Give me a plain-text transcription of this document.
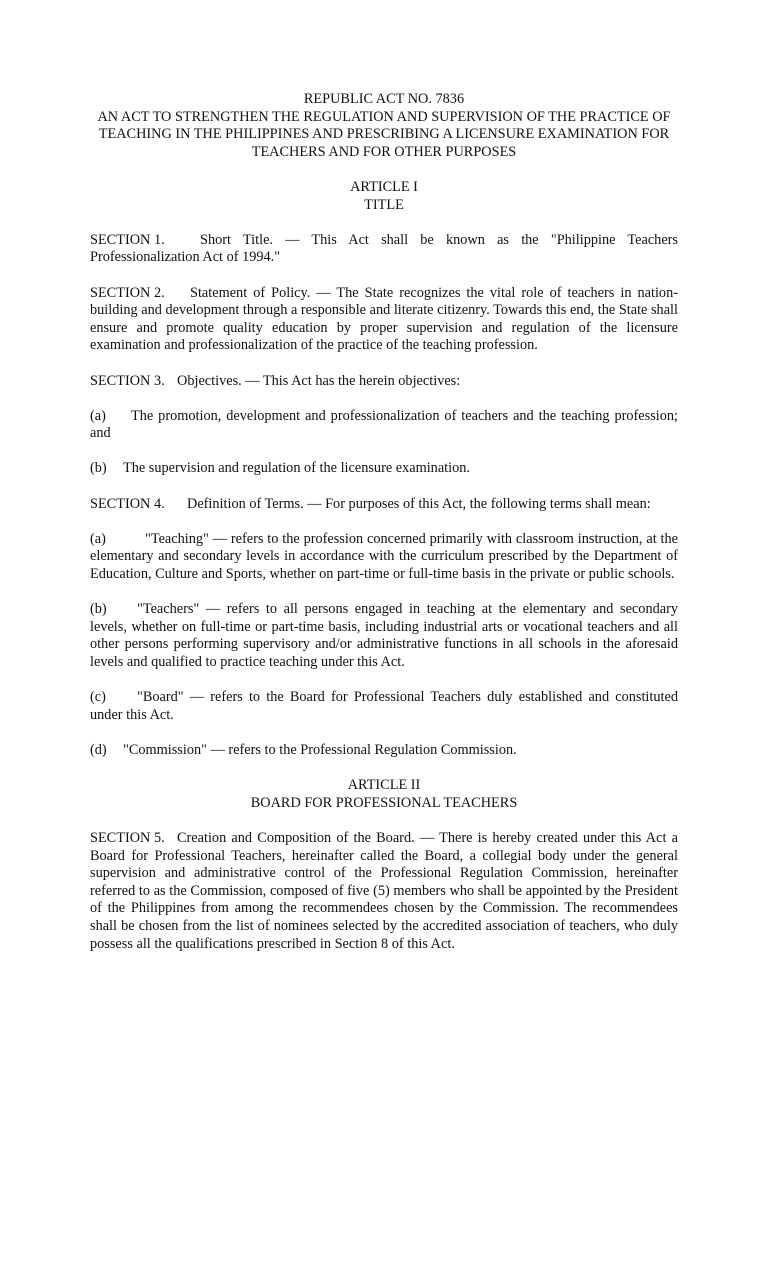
REPUBLIC ACT NO. 7836
AN ACT TO STRENGTHEN THE REGULATION AND SUPERVISION OF THE PRACTICE OF
TEACHING IN THE PHILIPPINES AND PRESCRIBING A LICENSURE EXAMINATION FOR
TEACHERS AND FOR OTHER PURPOSES
ARTICLE I
TITLE

SECTION 1. Short Title. — This Act shall be known as the "Philippine Teachers Professionalization Act of 1994."

SECTION 2. Statement of Policy. — The State recognizes the vital role of teachers in nation-building and development through a responsible and literate citizenry. Towards this end, the State shall ensure and promote quality education by proper supervision and regulation of the licensure examination and professionalization of the practice of the teaching profession.

SECTION 3. Objectives. — This Act has the herein objectives:

(a) The promotion, development and professionalization of teachers and the teaching profession; and

(b) The supervision and regulation of the licensure examination.

SECTION 4. Definition of Terms. — For purposes of this Act, the following terms shall mean:

(a)	"Teaching" — refers to the profession concerned primarily with classroom instruction, at the elementary and secondary levels in accordance with the curriculum prescribed by the Department of Education, Culture and Sports, whether on part-time or full-time basis in the private or public schools.

(b) "Teachers" — refers to all persons engaged in teaching at the elementary and secondary levels, whether on full-time or part-time basis, including industrial arts or vocational teachers and all other persons performing supervisory and/or administrative functions in all schools in the aforesaid levels and qualified to practice teaching under this Act.

(c) "Board" — refers to the Board for Professional Teachers duly established and constituted under this Act.

(d) "Commission" — refers to the Professional Regulation Commission.

ARTICLE II
BOARD FOR PROFESSIONAL TEACHERS

SECTION 5. Creation and Composition of the Board. — There is hereby created under this Act a Board for Professional Teachers, hereinafter called the Board, a collegial body under the general supervision and administrative control of the Professional Regulation Commission, hereinafter referred to as the Commission, composed of five (5) members who shall be appointed by the President of the Philippines from among the recommendees chosen by the Commission. The recommendees shall be chosen from the list of nominees selected by the accredited association of teachers, who duly possess all the qualifications prescribed in Section 8 of this Act.
